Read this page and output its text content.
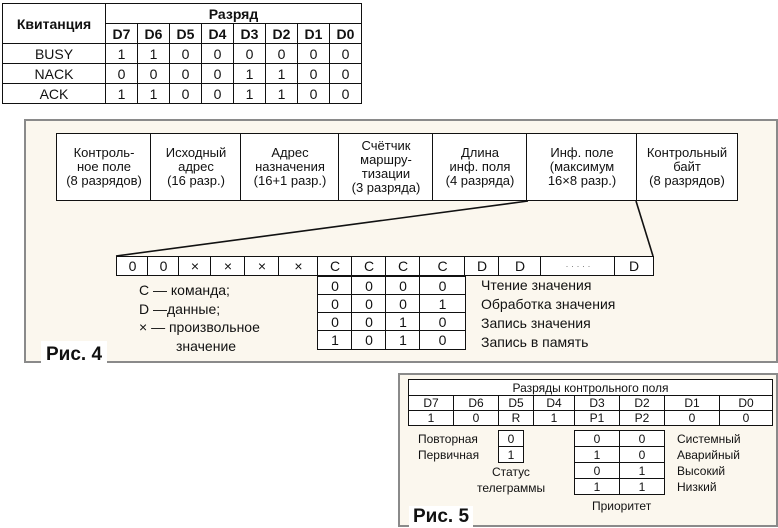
Квитанция	Разряд							
	D7	D6	D5	D4	D3	D2	D1	D0
BUSY	1	1	0	0	0	0	0	0
NACK	0	0	0	0	1	1	0	0
ACK	1	1	0	0	1	1	0	0
Контроль-
ное поле
(8 разрядов)
Исходный
адрес
(16 разр.)
Адрес
назначения
(16+1 разр.)
Счётчик
маршру-
тизации
(3 разряда)
Длина
инф. поля
(4 разряда)
Инф. поле
(максимум
16×8 разр.)
Контрольный
байт
(8 разрядов)
0	0	×	×	×	×	C	C	C	C	D	D	· · · · ·	D
С — команда;
D —данные;
× — произвольное
значение
0	0	0	0
0	0	0	1
0	0	1	0
1	0	1	0
Чтение значения
Обработка значения
Запись значения
Запись в память
Рис. 4
Разряды контрольного поля
D7	D6	D5	D4	D3	D2	D1	D0
1	0	R	1	P1	P2	0	0
Повторная
Первичная
0
1
Статус
телеграммы
0	0
1	0
0	1
1	1
Системный
Аварийный
Высокий
Низкий
Приоритет
Рис. 5
